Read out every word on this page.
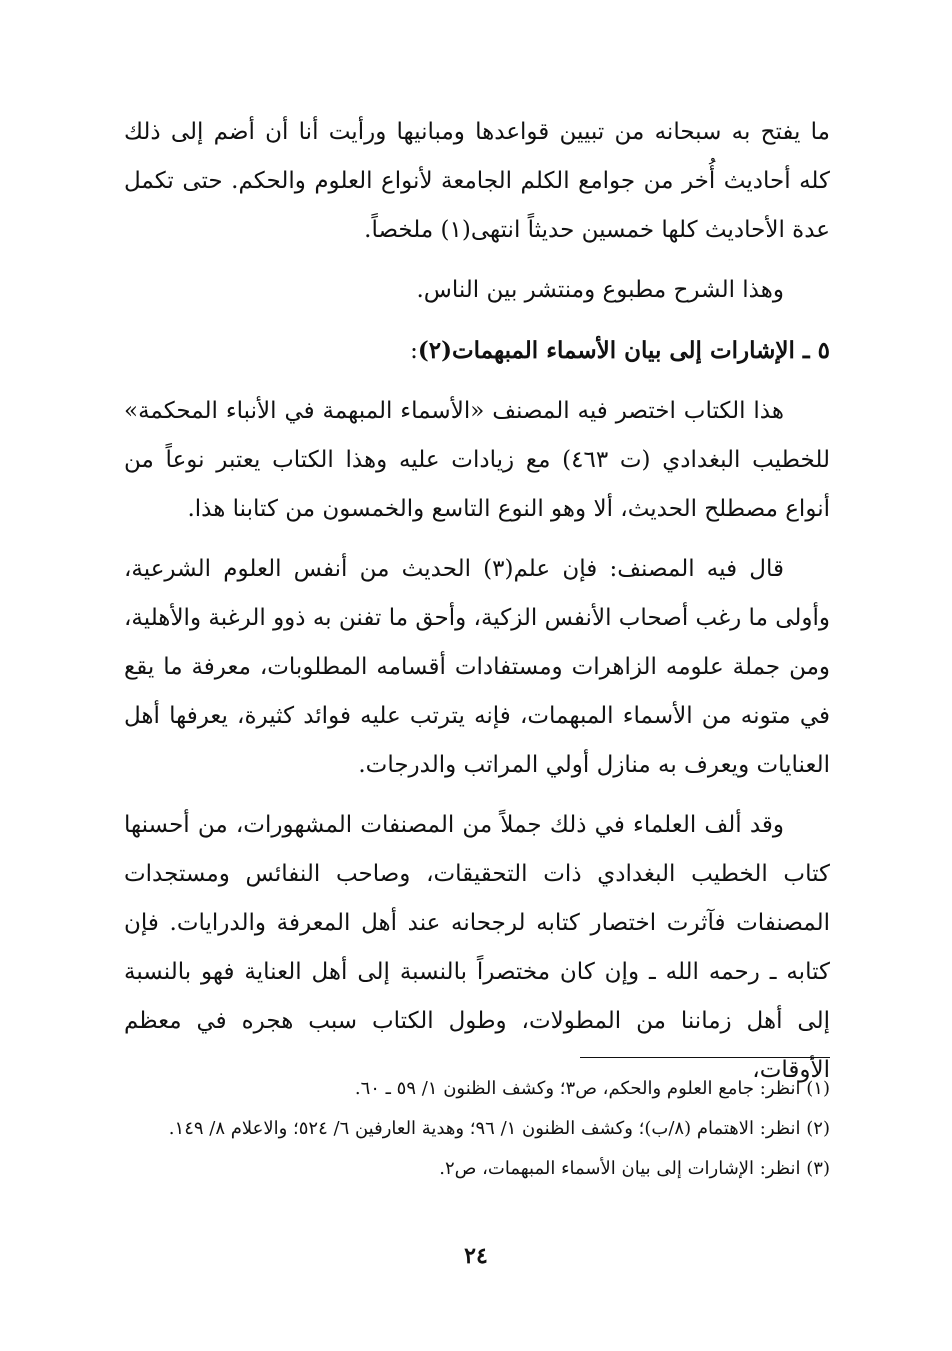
ما يفتح به سبحانه من تبيين قواعدها ومبانيها ورأيت أنا أن أضم إلى ذلك كله أحاديث أُخر من جوامع الكلم الجامعة لأنواع العلوم والحكم. حتى تكمل عدة الأحاديث كلها خمسين حديثاً انتهى(١) ملخصاً.

وهذا الشرح مطبوع ومنتشر بين الناس.

٥ ـ الإشارات إلى بيان الأسماء المبهمات(٢):

هذا الكتاب اختصر فيه المصنف «الأسماء المبهمة في الأنباء المحكمة» للخطيب البغدادي (ت ٤٦٣) مع زيادات عليه وهذا الكتاب يعتبر نوعاً من أنواع مصطلح الحديث، ألا وهو النوع التاسع والخمسون من كتابنا هذا.

قال فيه المصنف: فإن علم(٣) الحديث من أنفس العلوم الشرعية، وأولى ما رغب أصحاب الأنفس الزكية، وأحق ما تفنن به ذوو الرغبة والأهلية، ومن جملة علومه الزاهرات ومستفادات أقسامه المطلوبات، معرفة ما يقع في متونه من الأسماء المبهمات، فإنه يترتب عليه فوائد كثيرة، يعرفها أهل العنايات ويعرف به منازل أولي المراتب والدرجات.

وقد ألف العلماء في ذلك جملاً من المصنفات المشهورات، من أحسنها كتاب الخطيب البغدادي ذات التحقيقات، وصاحب النفائس ومستجدات المصنفات فآثرت اختصار كتابه لرجحانه عند أهل المعرفة والدرايات. فإن كتابه ـ رحمه الله ـ وإن كان مختصراً بالنسبة إلى أهل العناية فهو بالنسبة إلى أهل زماننا من المطولات، وطول الكتاب سبب هجره في معظم الأوقات،

(١) انظر: جامع العلوم والحكم، ص٣؛ وكشف الظنون ١/ ٥٩ ـ ٦٠.

(٢) انظر: الاهتمام (٨/ب)؛ وكشف الظنون ١/ ٩٦؛ وهدية العارفين ٦/ ٥٢٤؛ والاعلام ٨/ ١٤٩.

(٣) انظر: الإشارات إلى بيان الأسماء المبهمات، ص٢.

٢٤
